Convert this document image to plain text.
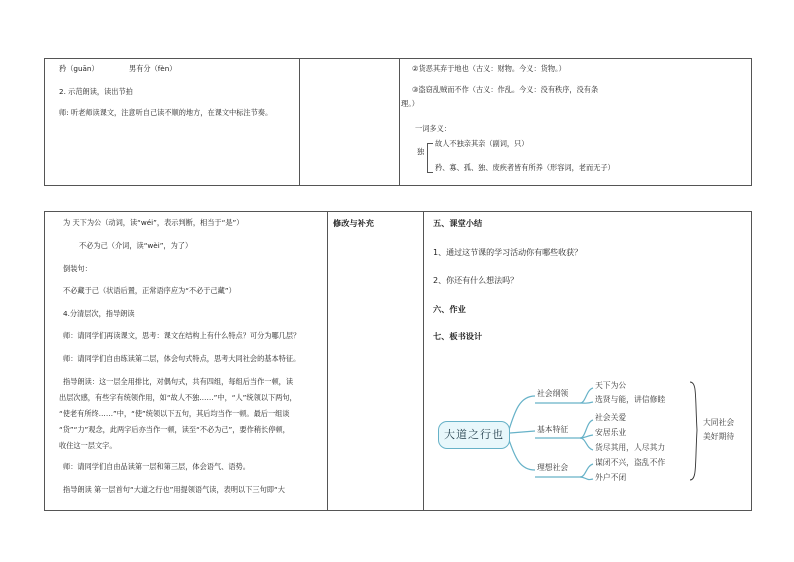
矜（guān）	男有分（fèn）
2. 示范朗读，读出节拍
师: 听老师读课文，注意听自己读不顺的地方，在课文中标注节奏。
②货恶其弃于地也（古义：财物。今义：货物。）
③盗窃乱贼而不作（古义：作乱。今义：没有秩序，没有条
理。）
一词多义：
独
故人不独亲其亲（副词，只）
矜、寡、孤、独、废疾者皆有所养（形容词，老而无子）
为 天下为公（动词，读“wéi”，表示判断，相当于“是”）
不必为己（介词，读“wèi”，为了）
倒装句：
不必藏于己（状语后置，正常语序应为“不必于己藏”）
4.分清层次，指导朗读
师：请同学们再读课文，思考：课文在结构上有什么特点？可分为哪几层？
师：请同学们自由练读第二层，体会句式特点，思考大同社会的基本特征。
指导朗读：这一层全用排比，对偶句式，共有四组，每组后当作一顿，读
出层次感，有些字有统领作用，如“故人不独……”中，“人”统领以下两句，
“使老有所终……”中，“使”统领以下五句，其后均当作一顿。最后一组谈
“货”“力”观念，此两字后亦当作一顿，读至“不必为己”，要作稍长停顿，
收住这一层文字。
师：请同学们自由品读第一层和第三层，体会语气、语势。
指导朗读 第一层首句“大道之行也”用提领语气读，表明以下三句即“大
修改与补充	五、课堂小结
1、通过这节课的学习活动你有哪些收获？
2、你还有什么想法吗？
六、作业
七、板书设计
大道之行也
社会纲领
基本特征
理想社会
天下为公
选贤与能，讲信修睦
社会关爱
安居乐业
货尽其用，人尽其力
谋闭不兴，盗乱不作
外户不闭
大同社会
美好期待
